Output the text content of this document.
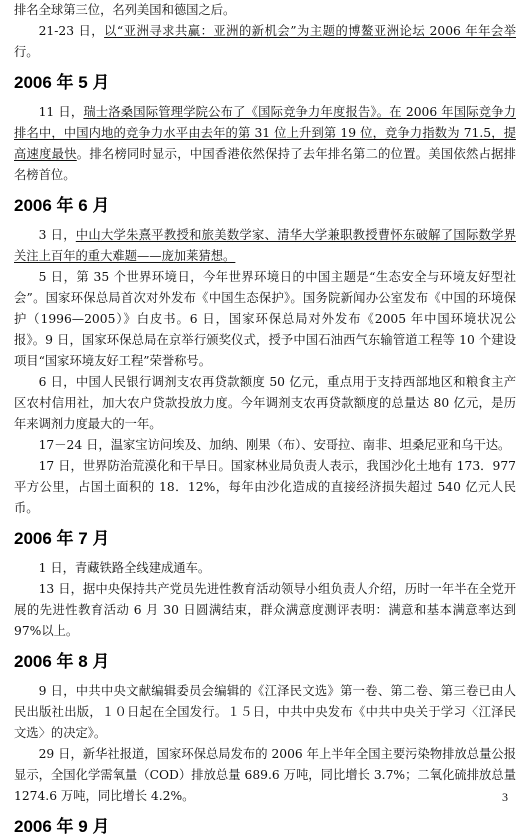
排名全球第三位，名列美国和德国之后。

21-23 日，以“亚洲寻求共赢：亚洲的新机会”为主题的博鳌亚洲论坛 2006 年年会举行。

2006 年 5 月

11 日，瑞士洛桑国际管理学院公布了《国际竞争力年度报告》。在 2006 年国际竞争力排名中，中国内地的竞争力水平由去年的第 31 位上升到第 19 位，竞争力指数为 71.5，提高速度最快。排名榜同时显示，中国香港依然保持了去年排名第二的位置。美国依然占据排名榜首位。

2006 年 6 月

3 日，中山大学朱熹平教授和旅美数学家、清华大学兼职教授曹怀东破解了国际数学界关注上百年的重大难题——庞加莱猜想。

5 日，第 35 个世界环境日，今年世界环境日的中国主题是“生态安全与环境友好型社会”。国家环保总局首次对外发布《中国生态保护》。国务院新闻办公室发布《中国的环境保护（1996—2005）》白皮书。6 日，国家环保总局对外发布《2005 年中国环境状况公报》。9 日，国家环保总局在京举行颁奖仪式，授予中国石油西气东输管道工程等 10 个建设项目“国家环境友好工程”荣誉称号。

6 日，中国人民银行调剂支农再贷款额度 50 亿元，重点用于支持西部地区和粮食主产区农村信用社，加大农户贷款投放力度。今年调剂支农再贷款额度的总量达 80 亿元，是历年来调剂力度最大的一年。

17－24 日，温家宝访问埃及、加纳、刚果（布）、安哥拉、南非、坦桑尼亚和乌干达。

17 日，世界防治荒漠化和干旱日。国家林业局负责人表示，我国沙化土地有 173．977 平方公里，占国土面积的 18．12%，每年由沙化造成的直接经济损失超过 540 亿元人民币。

2006 年 7 月

1 日，青藏铁路全线建成通车。

13 日，据中央保持共产党员先进性教育活动领导小组负责人介绍，历时一年半在全党开展的先进性教育活动 6 月 30 日圆满结束，群众满意度测评表明：满意和基本满意率达到 97%以上。

2006 年 8 月

9 日，中共中央文献编辑委员会编辑的《江泽民文选》第一卷、第二卷、第三卷已由人民出版社出版，１０日起在全国发行。１５日，中共中央发布《中共中央关于学习〈江泽民文选〉的决定》。

29 日，新华社报道，国家环保总局发布的 2006 年上半年全国主要污染物排放总量公报显示，全国化学需氧量（COD）排放总量 689.6 万吨，同比增长 3.7%；二氧化硫排放总量 1274.6 万吨，同比增长 4.2%。

2006 年 9 月
3
